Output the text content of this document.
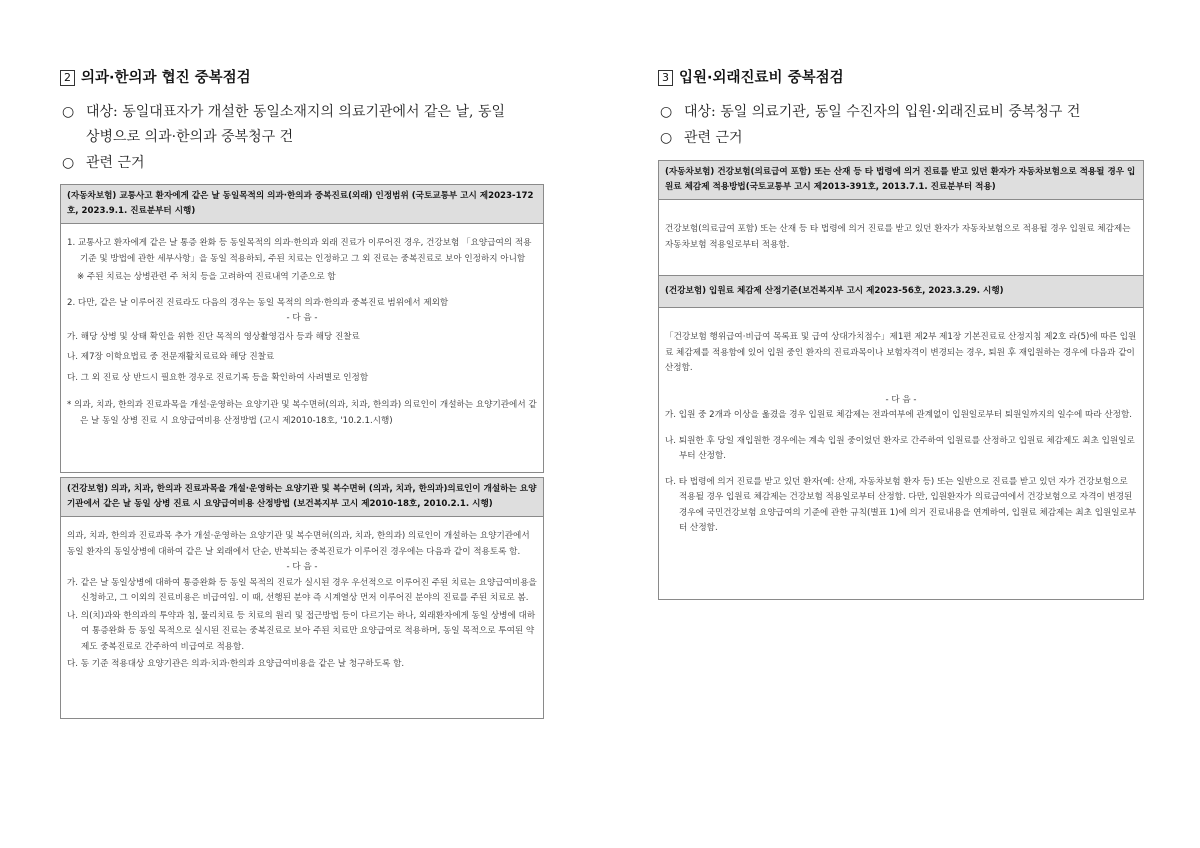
2 의과·한의과 협진 중복점검
○ 대상: 동일대표자가 개설한 동일소재지의 의료기관에서 같은 날, 동일
상병으로 의과·한의과 중복청구 건
○ 관련 근거
(자동차보험) 교통사고 환자에게 같은 날 동일목적의 의과·한의과 중복진료(외래) 인정범위 (국토교통부 고시 제2023-172호, 2023.9.1. 진료분부터 시행)

1. 교통사고 환자에게 같은 날 통증 완화 등 동일목적의 의과·한의과 외래 진료가 이루어진 경우, 건강보험 「요양급여의 적용기준 및 방법에 관한 세부사항」을 동일 적용하되, 주된 치료는 인정하고 그 외 진료는 중복진료로 보아 인정하지 아니함

※ 주된 치료는 상병관련 주 처치 등을 고려하여 진료내역 기준으로 함

2. 다만, 같은 날 이루어진 진료라도 다음의 경우는 동일 목적의 의과·한의과 중복진료 범위에서 제외함

- 다 음 -

가. 해당 상병 및 상태 확인을 위한 진단 목적의 영상촬영검사 등과 해당 진찰료

나. 제7장 이학요법료 중 전문재활치료료와 해당 진찰료

다. 그 외 진료 상 반드시 필요한 경우로 진료기록 등을 확인하여 사려별로 인정함

* 의과, 치과, 한의과 진료과목을 개설·운영하는 요양기관 및 복수면허(의과, 치과, 한의과) 의료인이 개설하는 요양기관에서 같은 날 동일 상병 진료 시 요양급여비용 산정방법 (고시 제2010-18호, '10.2.1.시행)

(건강보험) 의과, 치과, 한의과 진료과목을 개설·운영하는 요양기관 및 복수면허 (의과, 치과, 한의과)의료인이 개설하는 요양기관에서 같은 날 동일 상병 진료 시 요양급여비용 산정방법 (보건복지부 고시 제2010-18호, 2010.2.1. 시행)

의과, 치과, 한의과 진료과목 추가 개설·운영하는 요양기관 및 복수면허(의과, 치과, 한의과) 의료인이 개설하는 요양기관에서 동일 환자의 동일상병에 대하여 같은 날 외래에서 단순, 반복되는 중복진료가 이루어진 경우에는 다음과 같이 적용토록 함.

- 다 음 -

가. 같은 날 동일상병에 대하여 통증완화 등 동일 목적의 진료가 실시된 경우 우선적으로 이루어진 주된 치료는 요양급여비용을 신청하고, 그 이외의 진료비용은 비급여임. 이 때, 선행된 분야 즉 시계열상 먼저 이루어진 분야의 진료를 주된 치료로 봄.

나. 의(치)과와 한의과의 투약과 침, 물리치료 등 치료의 원리 및 접근방법 등이 다르기는 하나, 외래환자에게 동일 상병에 대하여 통증완화 등 동일 목적으로 실시된 진료는 중복진료로 보아 주된 치료만 요양급여로 적용하며, 동일 목적으로 투여된 약제도 중복진료로 간주하여 비급여로 적용함.

다. 동 기준 적용대상 요양기관은 의과·치과·한의과 요양급여비용을 같은 날 청구하도록 함.

3 입원·외래진료비 중복점검
○ 대상: 동일 의료기관, 동일 수진자의 입원·외래진료비 중복청구 건
○ 관련 근거
(자동차보험) 건강보험(의료급여 포함) 또는 산재 등 타 법령에 의거 진료를 받고 있던 환자가 자동차보험으로 적용될 경우 입원료 체감제 적용방법(국토교통부 고시 제2013-391호, 2013.7.1. 진료분부터 적용)

건강보험(의료급여 포함) 또는 산재 등 타 법령에 의거 진료를 받고 있던 환자가 자동차보험으로 적용될 경우 입원료 체감제는 자동차보험 적용일로부터 적용함.

(건강보험) 입원료 체감제 산정기준(보건복지부 고시 제2023-56호, 2023.3.29. 시행)

「건강보험 행위급여·비급여 목록표 및 급여 상대가치점수」제1편 제2부 제1장 기본진료료 산정지침 제2호 라(5)에 따른 입원료 체감제를 적용함에 있어 입원 중인 환자의 진료과목이나 보험자격이 변경되는 경우, 퇴원 후 재입원하는 경우에 다음과 같이 산정함.

- 다 음 -

가. 입원 중 2개과 이상을 옮겼을 경우 입원료 체감제는 전과여부에 관계없이 입원일로부터 퇴원일까지의 일수에 따라 산정함.

나. 퇴원한 후 당일 재입원한 경우에는 계속 입원 중이었던 환자로 간주하여 입원료를 산정하고 입원료 체감제도 최초 입원일로부터 산정함.

다. 타 법령에 의거 진료를 받고 있던 환자(예: 산재, 자동차보험 환자 등) 또는 일반으로 진료를 받고 있던 자가 건강보험으로 적용될 경우 입원료 체감제는 건강보험 적용일로부터 산정함. 다만, 입원환자가 의료급여에서 건강보험으로 자격이 변경된 경우에 국민건강보험 요양급여의 기준에 관한 규칙(별표 1)에 의거 진료내용을 연계하여, 입원료 체감제는 최초 입원일로부터 산정함.
